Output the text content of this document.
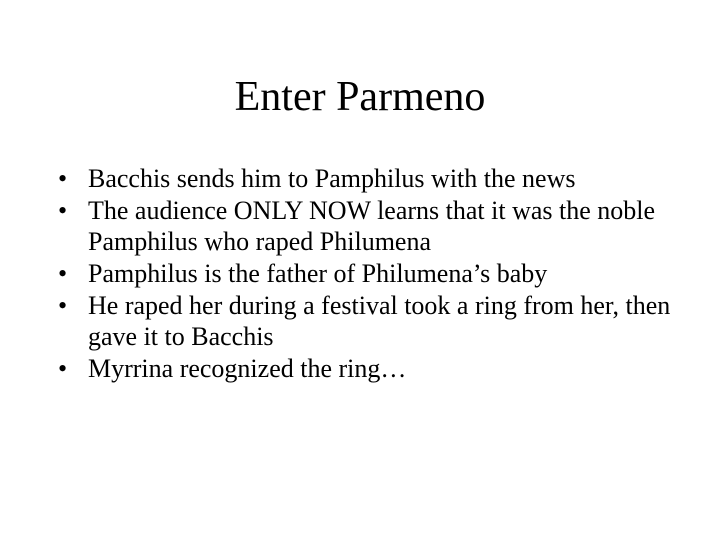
Enter Parmeno
• Bacchis sends him to Pamphilus with the news
• The audience ONLY NOW learns that it was the noble Pamphilus who raped Philumena
• Pamphilus is the father of Philumena’s baby
• He raped her during a festival took a ring from her, then gave it to Bacchis
• Myrrina recognized the ring…
